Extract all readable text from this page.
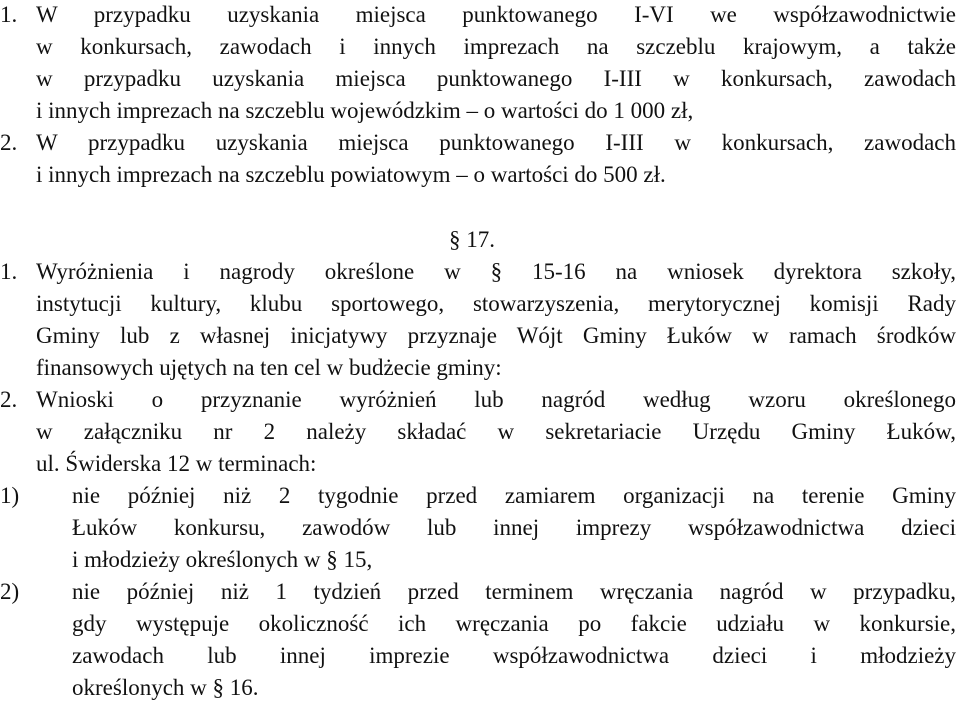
1. W przypadku uzyskania miejsca punktowanego I-VI we współzawodnictwie
w konkursach, zawodach i innych imprezach na szczeblu krajowym, a także
w przypadku uzyskania miejsca punktowanego I-III w konkursach, zawodach
i innych imprezach na szczeblu wojewódzkim – o wartości do 1 000 zł,
2. W przypadku uzyskania miejsca punktowanego I-III w konkursach, zawodach
i innych imprezach na szczeblu powiatowym – o wartości do 500 zł.
§ 17.
1. Wyróżnienia i nagrody określone w § 15-16 na wniosek dyrektora szkoły,
instytucji kultury, klubu sportowego, stowarzyszenia, merytorycznej komisji Rady
Gminy lub z własnej inicjatywy przyznaje Wójt Gminy Łuków w ramach środków
finansowych ujętych na ten cel w budżecie gminy:
2. Wnioski o przyznanie wyróżnień lub nagród według wzoru określonego
w załączniku nr 2 należy składać w sekretariacie Urzędu Gminy Łuków,
ul. Świderska 12 w terminach:
1)	nie później niż 2 tygodnie przed zamiarem organizacji na terenie Gminy
Łuków konkursu, zawodów lub innej imprezy współzawodnictwa dzieci
i młodzieży określonych w § 15,
2)	nie później niż 1 tydzień przed terminem wręczania nagród w przypadku,
gdy występuje okoliczność ich wręczania po fakcie udziału w konkursie,
zawodach lub innej imprezie współzawodnictwa dzieci i młodzieży
określonych w § 16.
